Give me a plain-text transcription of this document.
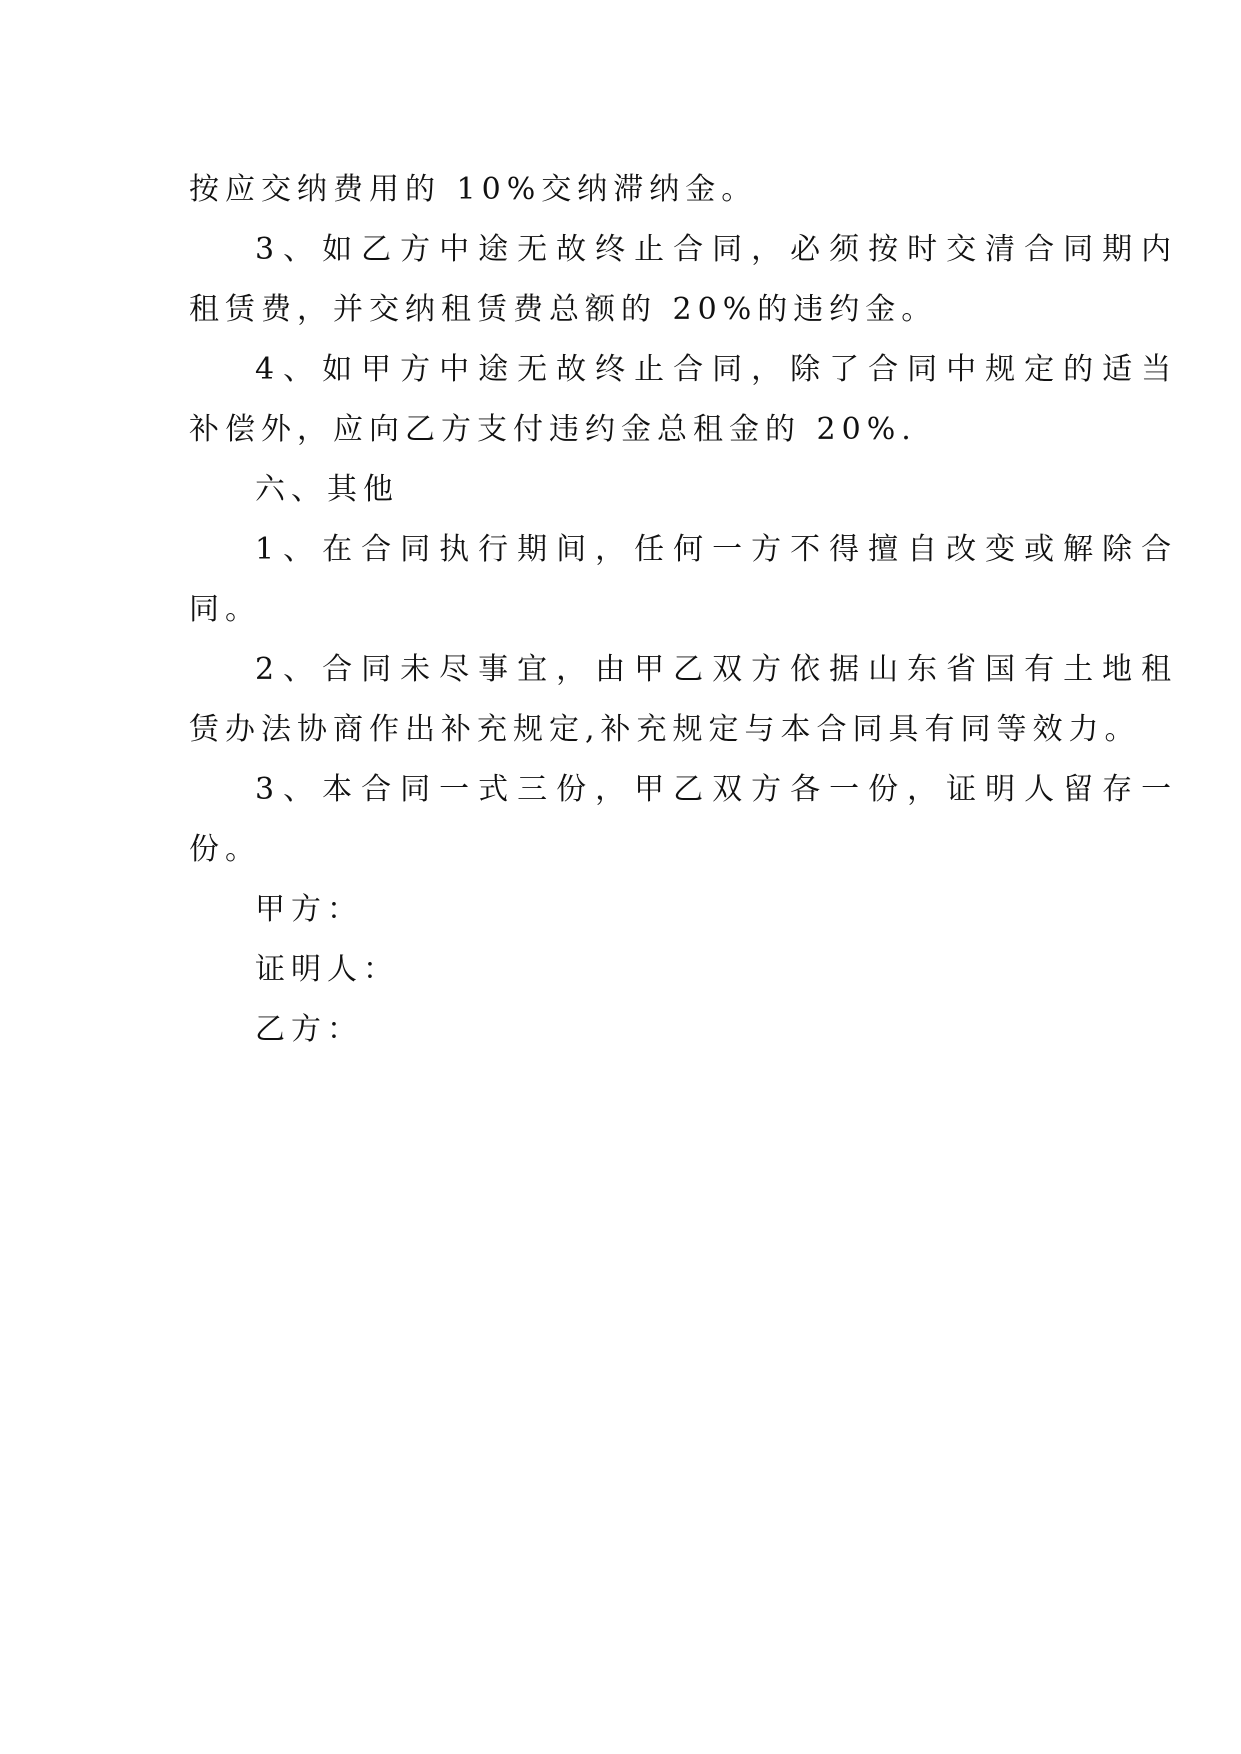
按应交纳费用的 10%交纳滞纳金。
3、如乙方中途无故终止合同，必须按时交清合同期内
租赁费，并交纳租赁费总额的 20%的违约金。
4、如甲方中途无故终止合同，除了合同中规定的适当
补偿外，应向乙方支付违约金总租金的 20%.
六、其他
1、在合同执行期间，任何一方不得擅自改变或解除合
同。
2、合同未尽事宜，由甲乙双方依据山东省国有土地租
赁办法协商作出补充规定,补充规定与本合同具有同等效力。
3、本合同一式三份，甲乙双方各一份，证明人留存一
份。
甲方：
证明人：
乙方：
